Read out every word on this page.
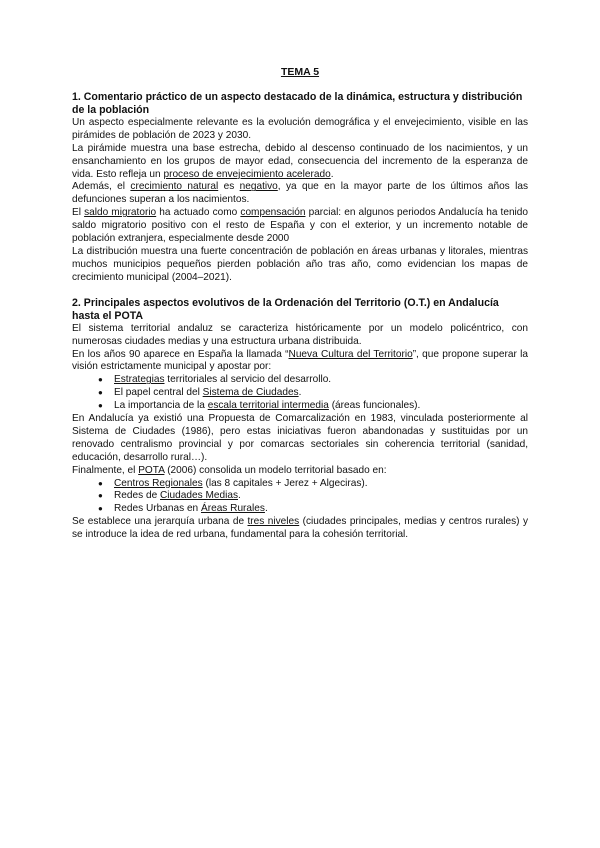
TEMA 5
1. Comentario práctico de un aspecto destacado de la dinámica, estructura y distribución de la población

Un aspecto especialmente relevante es la evolución demográfica y el envejecimiento, visible en las pirámides de población de 2023 y 2030.

La pirámide muestra una base estrecha, debido al descenso continuado de los nacimientos, y un ensanchamiento en los grupos de mayor edad, consecuencia del incremento de la esperanza de vida. Esto refleja un proceso de envejecimiento acelerado.

Además, el crecimiento natural es negativo, ya que en la mayor parte de los últimos años las defunciones superan a los nacimientos.

El saldo migratorio ha actuado como compensación parcial: en algunos periodos Andalucía ha tenido saldo migratorio positivo con el resto de España y con el exterior, y un incremento notable de población extranjera, especialmente desde 2000

La distribución muestra una fuerte concentración de población en áreas urbanas y litorales, mientras muchos municipios pequeños pierden población año tras año, como evidencian los mapas de crecimiento municipal (2004–2021).

2. Principales aspectos evolutivos de la Ordenación del Territorio (O.T.) en Andalucía hasta el POTA

El sistema territorial andaluz se caracteriza históricamente por un modelo policéntrico, con numerosas ciudades medias y una estructura urbana distribuida.

En los años 90 aparece en España la llamada “Nueva Cultura del Territorio”, que propone superar la visión estrictamente municipal y apostar por:

● Estrategias territoriales al servicio del desarrollo.
● El papel central del Sistema de Ciudades.
● La importancia de la escala territorial intermedia (áreas funcionales).

En Andalucía ya existió una Propuesta de Comarcalización en 1983, vinculada posteriormente al Sistema de Ciudades (1986), pero estas iniciativas fueron abandonadas y sustituidas por un renovado centralismo provincial y por comarcas sectoriales sin coherencia territorial (sanidad, educación, desarrollo rural…).

Finalmente, el POTA (2006) consolida un modelo territorial basado en:

● Centros Regionales (las 8 capitales + Jerez + Algeciras).
● Redes de Ciudades Medias.
● Redes Urbanas en Áreas Rurales.

Se establece una jerarquía urbana de tres niveles (ciudades principales, medias y centros rurales) y se introduce la idea de red urbana, fundamental para la cohesión territorial.
